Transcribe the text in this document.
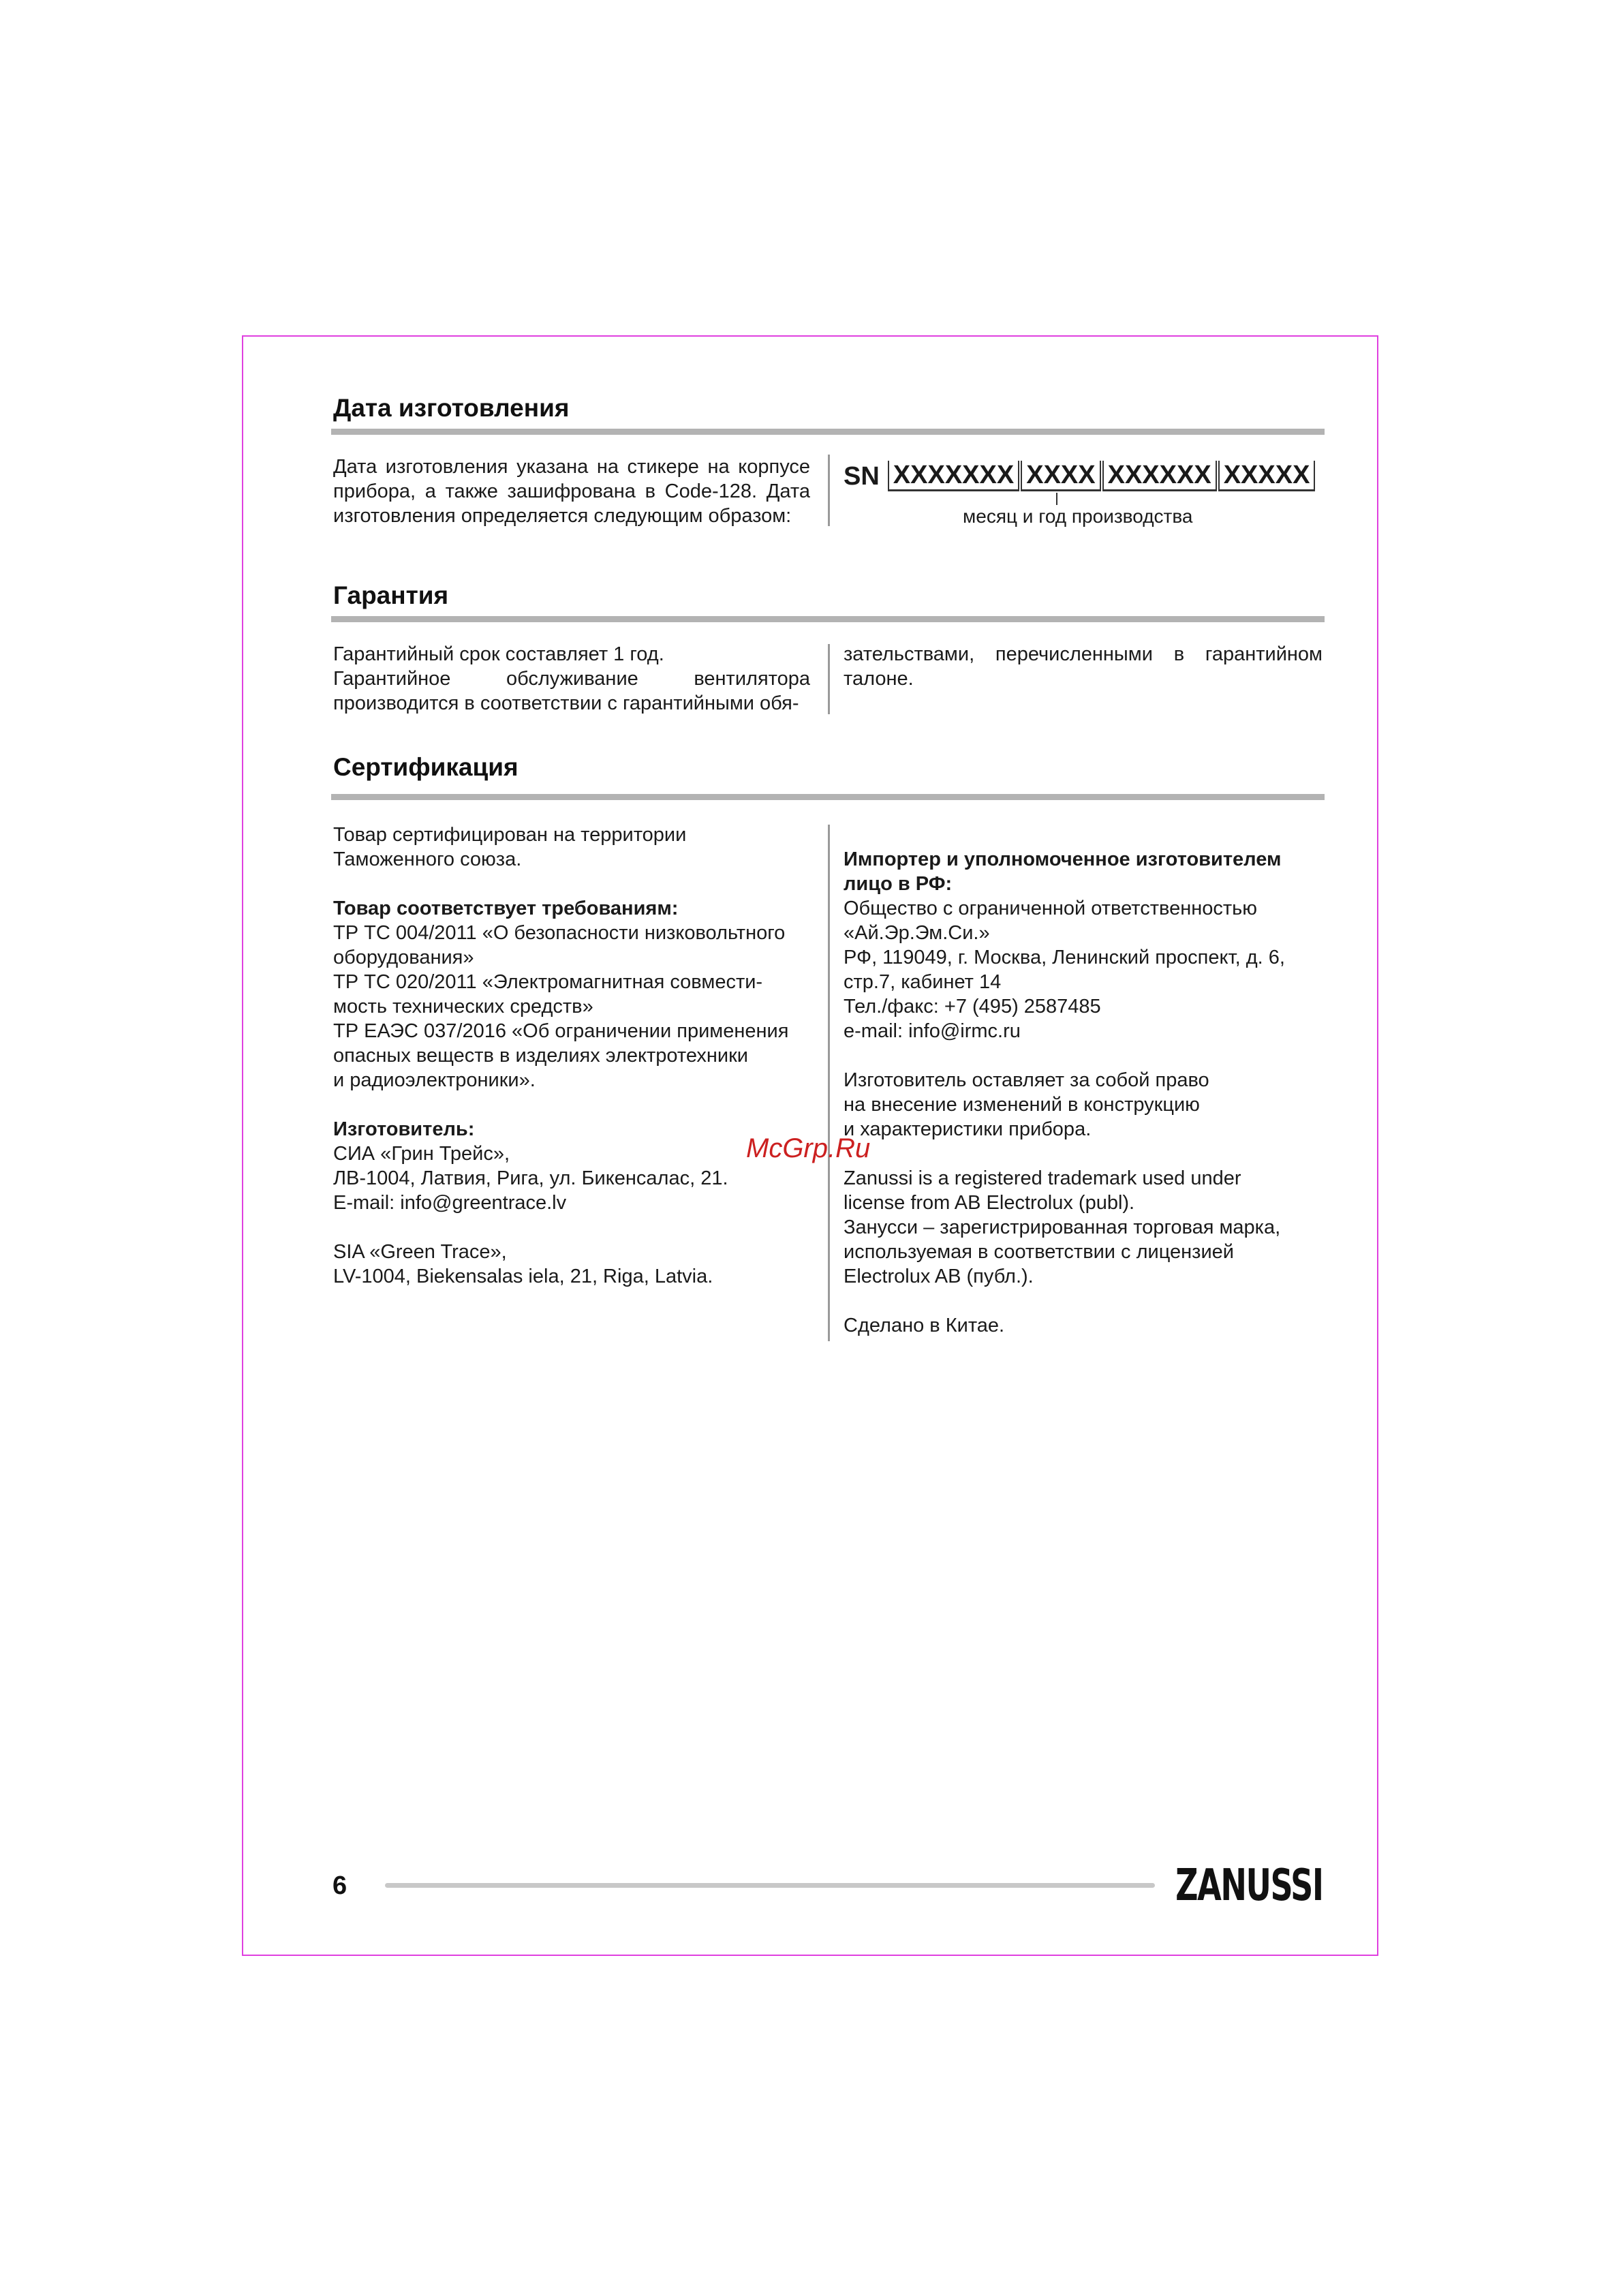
Дата изготовления
Дата изготовления указана на стикере на корпусе прибора, а также зашифрована в Code-128. Дата изготовления определяется следующим образом:
SN XXXXXXX XXXX XXXXXX XXXXX
месяц и год производства
Гарантия

Гарантийный срок составляет 1 год.

Гарантийное обслуживание вентилятора производится в соответствии с гарантийными обя-

зательствами, перечисленными в гарантийном талоне.
Сертификация

Товар сертифицирован на территории

Таможенного союза.

Товар соответствует требованиям:

ТР ТС 004/2011 «О безопасности низковольтного

оборудования»

ТР ТС 020/2011 «Электромагнитная совмести-

мость технических средств»

ТР ЕАЭС 037/2016 «Об ограничении применения

опасных веществ в изделиях электротехники

и радиоэлектроники».

Изготовитель:

СИА «Грин Трейс»,

ЛВ-1004, Латвия, Рига, ул. Бикенсалас, 21.

E-mail: info@greentrace.lv

SIA «Green Trace»,

LV-1004, Biekensalas iela, 21, Riga, Latvia.

Импортер и уполномоченное изготовителем

лицо в РФ:

Общество с ограниченной ответственностью

«Ай.Эр.Эм.Си.»

РФ, 119049, г. Москва, Ленинский проспект, д. 6,

стр.7, кабинет 14

Тел./факс: +7 (495) 2587485

e-mail: info@irmc.ru

Изготовитель оставляет за собой право

на внесение изменений в конструкцию

и характеристики прибора.

Zanussi is a registered trademark used under

license from AB Electrolux (publ).

Занусси – зарегистрированная торговая марка,

используемая в соответствии с лицензией

Electrolux AB (публ.).

Сделано в Китае.

McGrp.Ru
6	ZANUSSI
